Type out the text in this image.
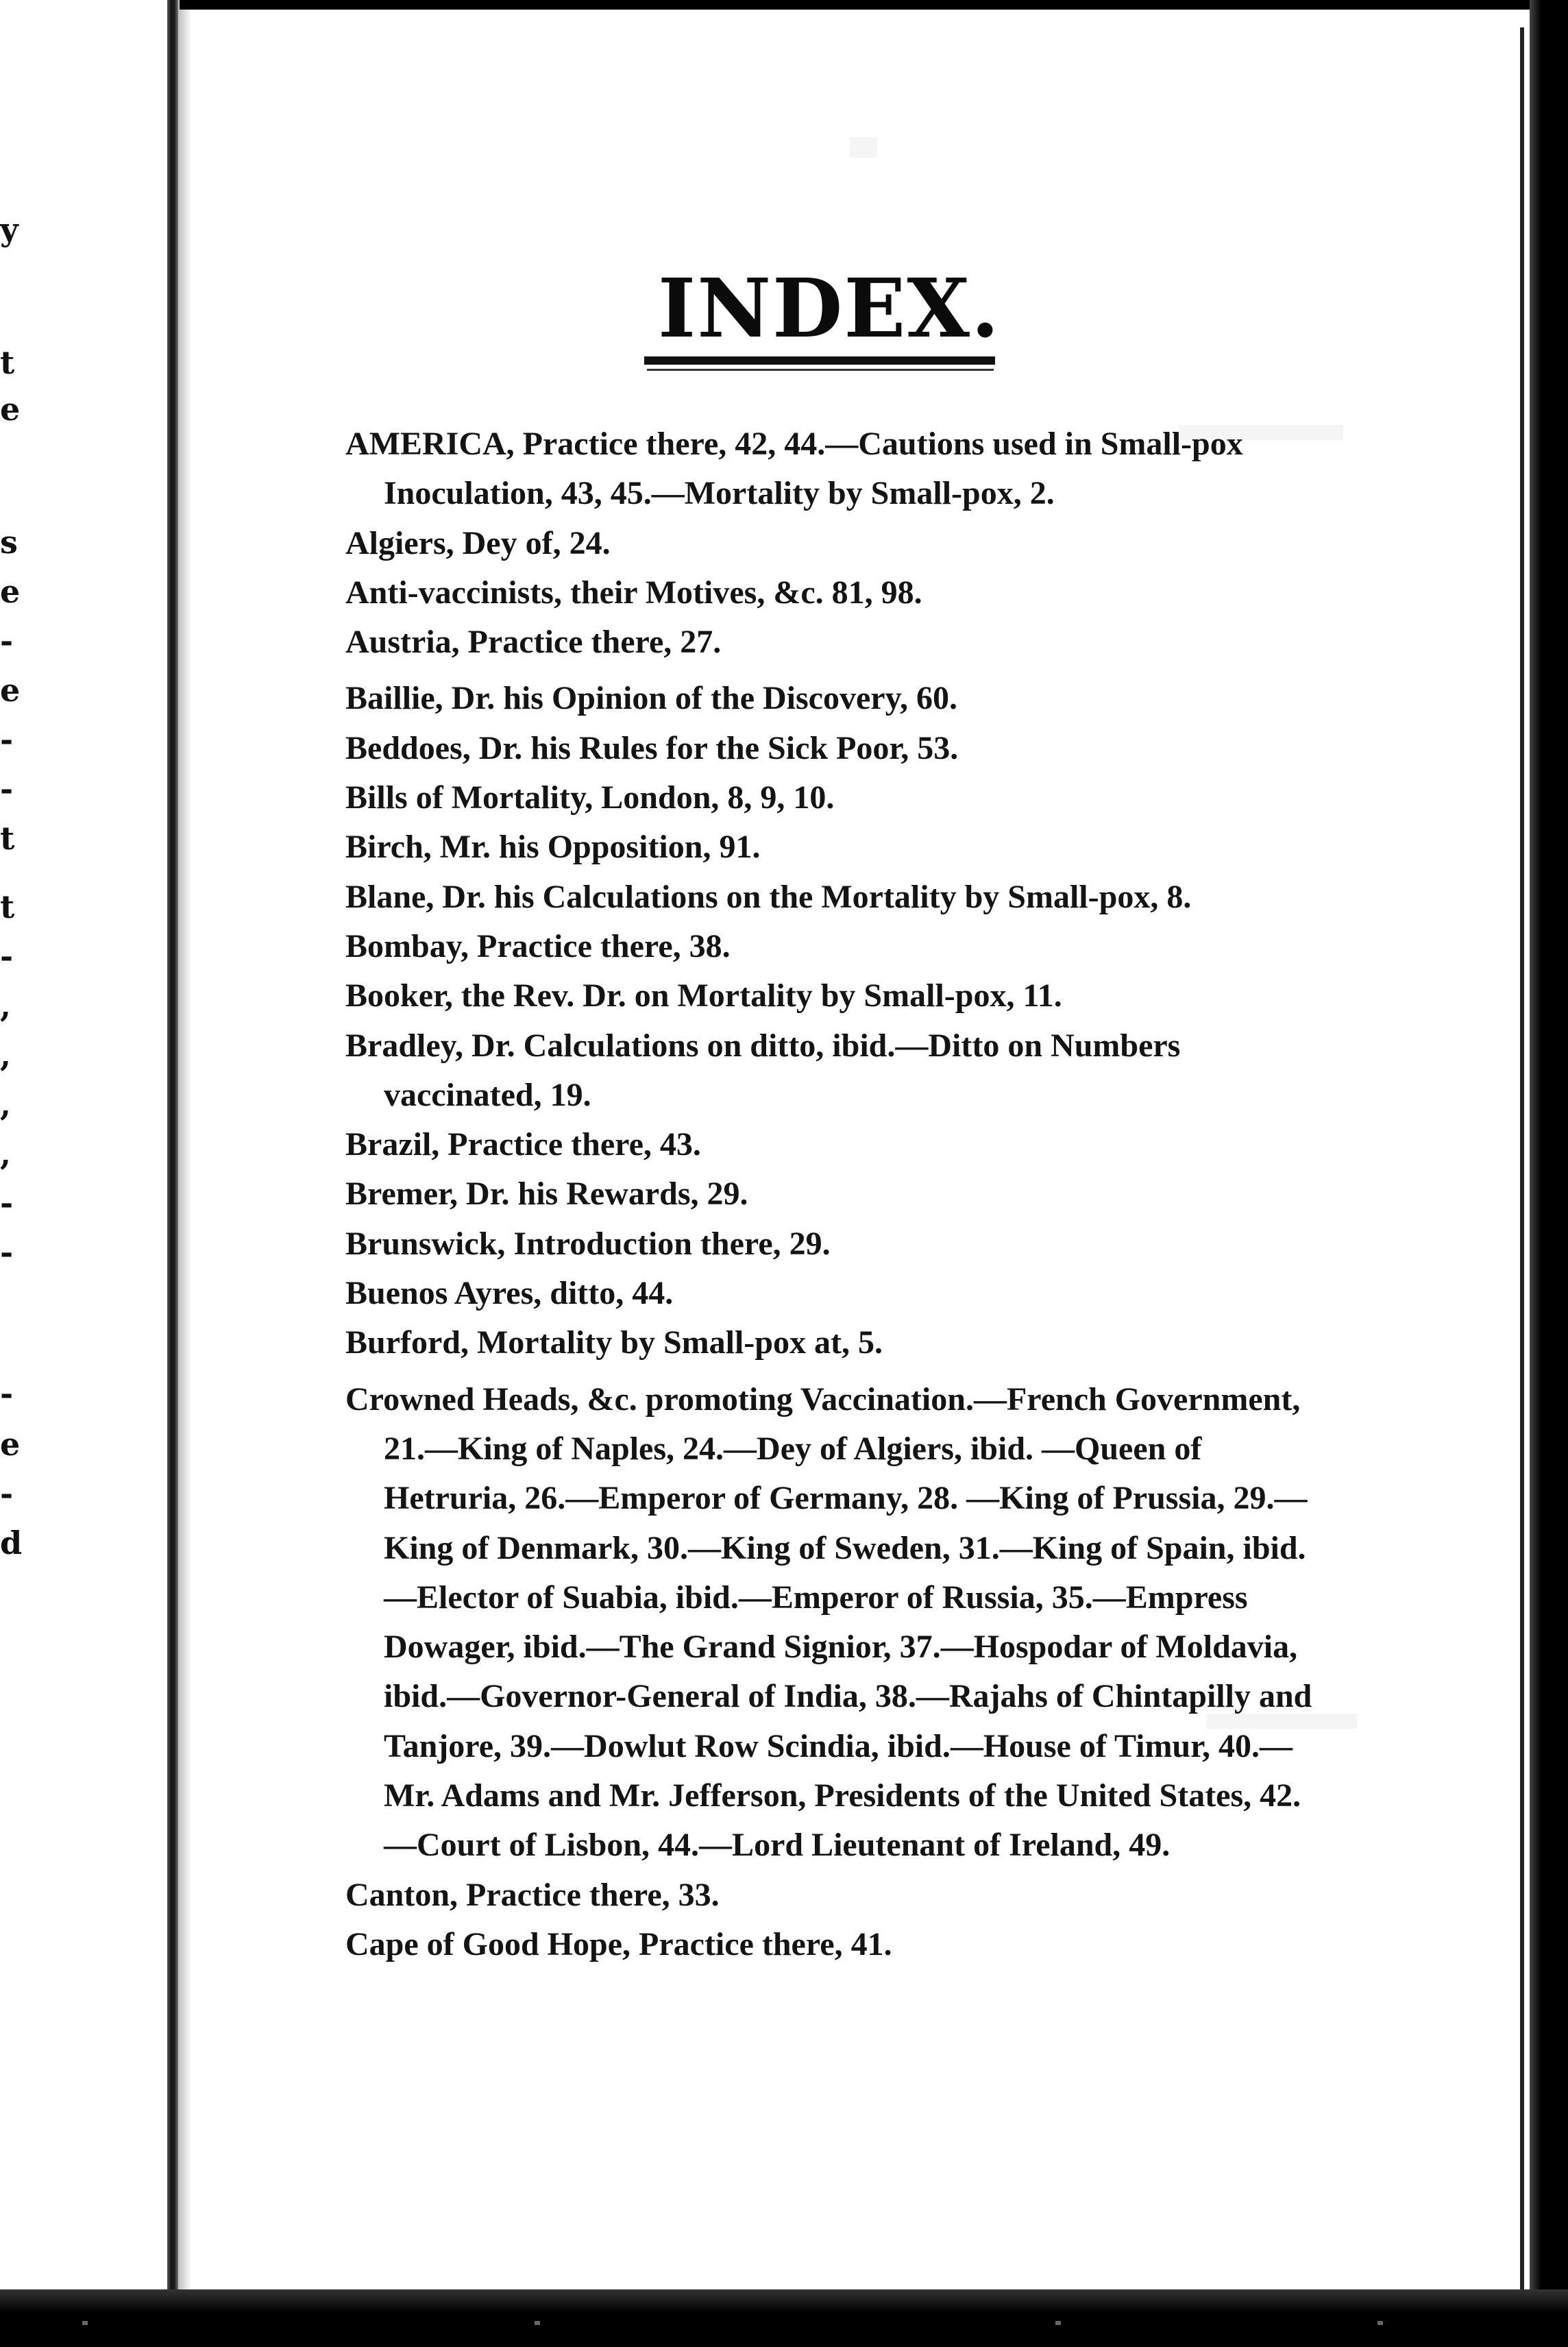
y
t
e
s
e
-
e
-
-
t
t
-
,
,
,
,
-
-
-
e
-
d
INDEX.

AMERICA, Practice there, 42, 44.—Cautions used in Small-pox Inoculation, 43, 45.—Mortality by Small-pox, 2.

Algiers, Dey of, 24.

Anti-vaccinists, their Motives, &c. 81, 98.

Austria, Practice there, 27.

Baillie, Dr. his Opinion of the Discovery, 60.

Beddoes, Dr. his Rules for the Sick Poor, 53.

Bills of Mortality, London, 8, 9, 10.

Birch, Mr. his Opposition, 91.

Blane, Dr. his Calculations on the Mortality by Small-pox, 8.

Bombay, Practice there, 38.

Booker, the Rev. Dr. on Mortality by Small-pox, 11.

Bradley, Dr. Calculations on ditto, ibid.—Ditto on Numbers vaccinated, 19.

Brazil, Practice there, 43.

Bremer, Dr. his Rewards, 29.

Brunswick, Introduction there, 29.

Buenos Ayres, ditto, 44.

Burford, Mortality by Small-pox at, 5.

Crowned Heads, &c. promoting Vaccination.—French Government, 21.—King of Naples, 24.—Dey of Algiers, ibid. —Queen of Hetruria, 26.—Emperor of Germany, 28. —King of Prussia, 29.—King of Denmark, 30.—King of Sweden, 31.—King of Spain, ibid.—Elector of Suabia, ibid.—Emperor of Russia, 35.—Empress Dowager, ibid.—The Grand Signior, 37.—Hospodar of Moldavia, ibid.—Governor-General of India, 38.—Rajahs of Chintapilly and Tanjore, 39.—Dowlut Row Scindia, ibid.—House of Timur, 40.—Mr. Adams and Mr. Jefferson, Presidents of the United States, 42.—Court of Lisbon, 44.—Lord Lieutenant of Ireland, 49.

Canton, Practice there, 33.

Cape of Good Hope, Practice there, 41.
